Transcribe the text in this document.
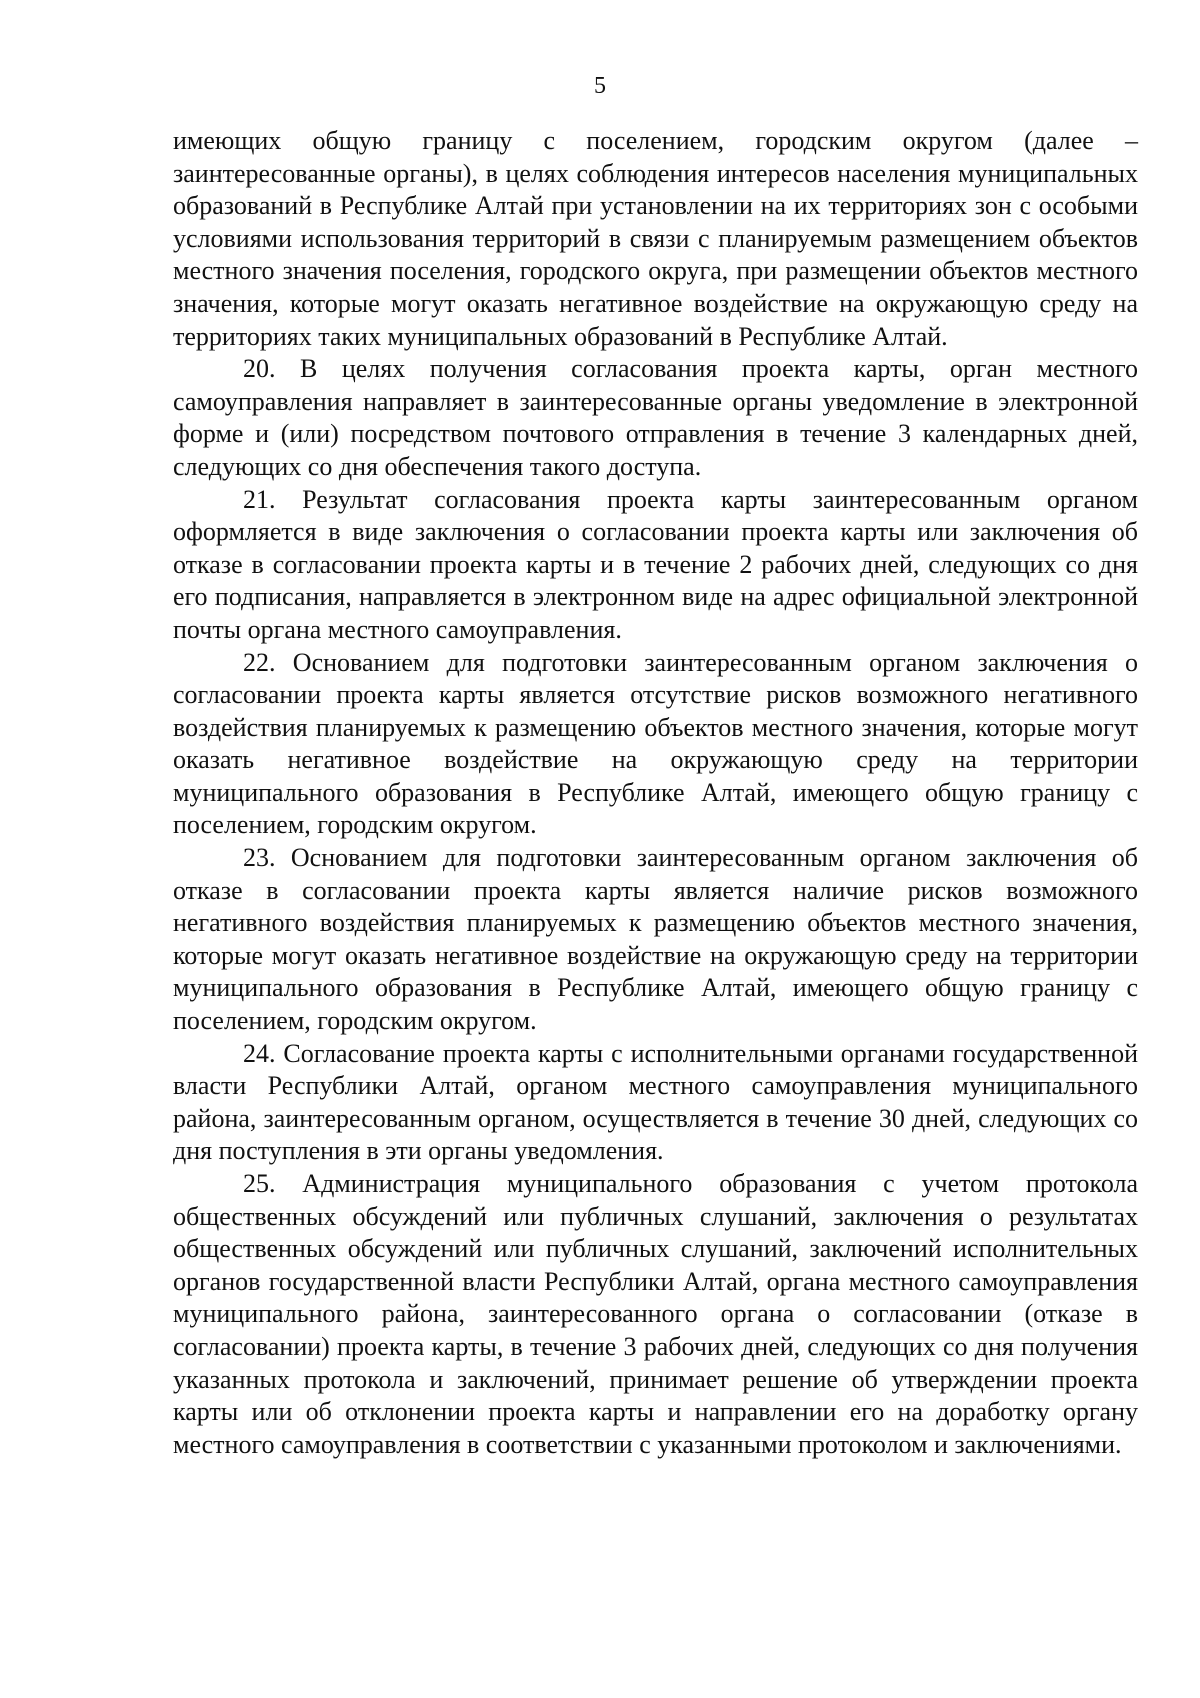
5

имеющих общую границу с поселением, городским округом (далее – заинтересованные органы), в целях соблюдения интересов населения муниципальных образований в Республике Алтай при установлении на их территориях зон с особыми условиями использования территорий в связи с планируемым размещением объектов местного значения поселения, городского округа, при размещении объектов местного значения, которые могут оказать негативное воздействие на окружающую среду на территориях таких муниципальных образований в Республике Алтай.

20. В целях получения согласования проекта карты, орган местного самоуправления направляет в заинтересованные органы уведомление в электронной форме и (или) посредством почтового отправления в течение 3 календарных дней, следующих со дня обеспечения такого доступа.

21. Результат согласования проекта карты заинтересованным органом оформляется в виде заключения о согласовании проекта карты или заключения об отказе в согласовании проекта карты и в течение 2 рабочих дней, следующих со дня его подписания, направляется в электронном виде на адрес официальной электронной почты органа местного самоуправления.

22. Основанием для подготовки заинтересованным органом заключения о согласовании проекта карты является отсутствие рисков возможного негативного воздействия планируемых к размещению объектов местного значения, которые могут оказать негативное воздействие на окружающую среду на территории муниципального образования в Республике Алтай, имеющего общую границу с поселением, городским округом.

23. Основанием для подготовки заинтересованным органом заключения об отказе в согласовании проекта карты является наличие рисков возможного негативного воздействия планируемых к размещению объектов местного значения, которые могут оказать негативное воздействие на окружающую среду на территории муниципального образования в Республике Алтай, имеющего общую границу с поселением, городским округом.

24. Согласование проекта карты с исполнительными органами государственной власти Республики Алтай, органом местного самоуправления муниципального района, заинтересованным органом, осуществляется в течение 30 дней, следующих со дня поступления в эти органы уведомления.

25. Администрация муниципального образования с учетом протокола общественных обсуждений или публичных слушаний, заключения о результатах общественных обсуждений или публичных слушаний, заключений исполнительных органов государственной власти Республики Алтай, органа местного самоуправления муниципального района, заинтересованного органа о согласовании (отказе в согласовании) проекта карты, в течение 3 рабочих дней, следующих со дня получения указанных протокола и заключений, принимает решение об утверждении проекта карты или об отклонении проекта карты и направлении его на доработку органу местного самоуправления в соответствии с указанными протоколом и заключениями.
